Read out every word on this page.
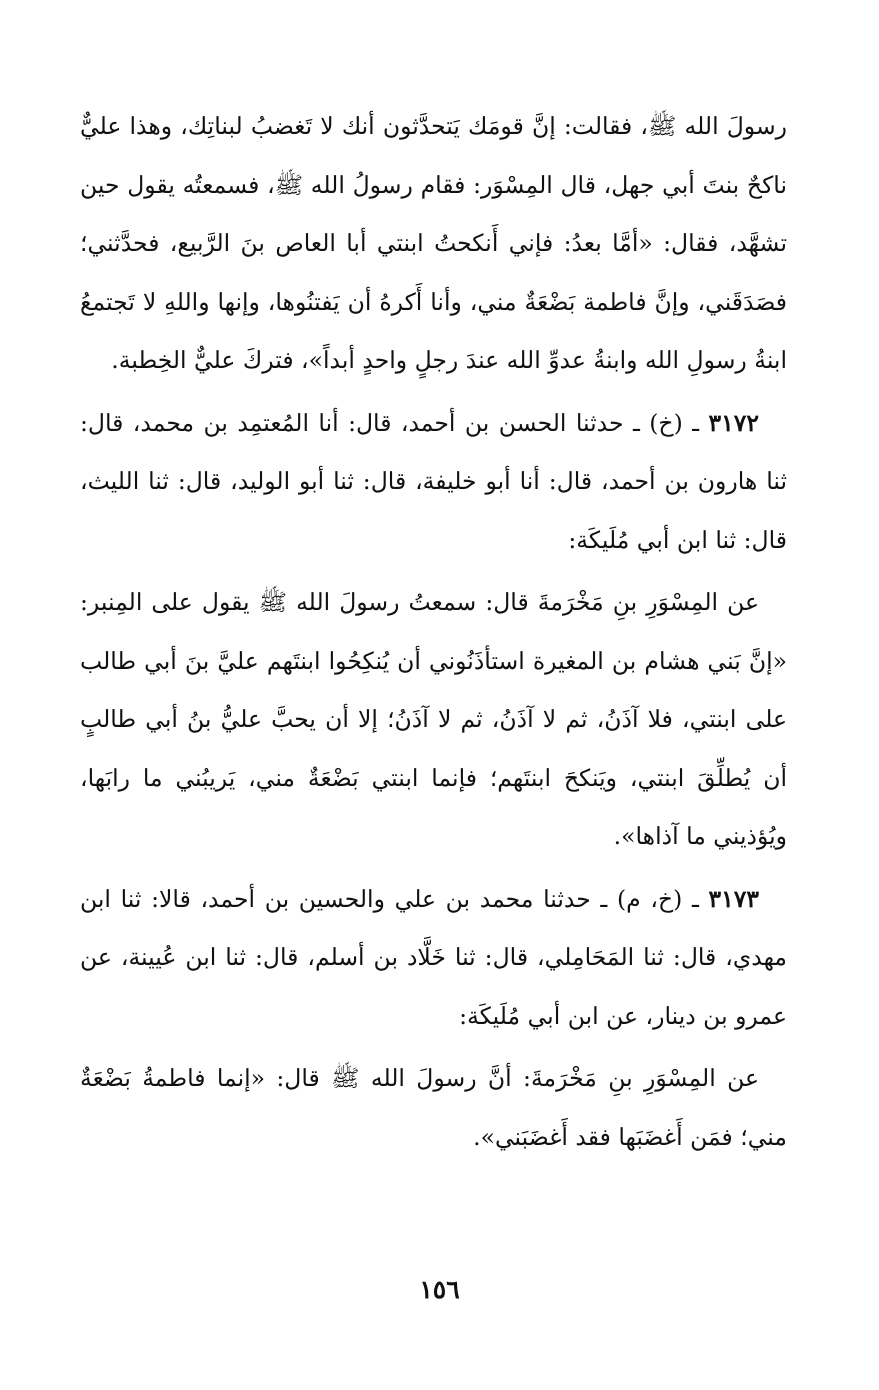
رسولَ الله ﷺ، فقالت: إنَّ قومَك يَتحدَّثون أنك لا تَغضبُ لبناتِك، وهذا عليٌّ ناكحٌ بنتَ أبي جهل، قال المِسْوَر: فقام رسولُ الله ﷺ، فسمعتُه يقول حين تشهَّد، فقال: «أمَّا بعدُ: فإني أَنكحتُ ابنتي أبا العاص بنَ الرَّبيع، فحدَّثني؛ فصَدَقَني، وإنَّ فاطمة بَضْعَةٌ مني، وأنا أَكرهُ أن يَفتنُوها، وإنها واللهِ لا تَجتمعُ ابنةُ رسولِ الله وابنةُ عدوِّ الله عندَ رجلٍ واحدٍ أبداً»، فتركَ عليٌّ الخِطبة.

٣١٧٢ ـ (خ) ـ حدثنا الحسن بن أحمد، قال: أنا المُعتمِد بن محمد، قال: ثنا هارون بن أحمد، قال: أنا أبو خليفة، قال: ثنا أبو الوليد، قال: ثنا الليث، قال: ثنا ابن أبي مُلَيكَة:

عن المِسْوَرِ بنِ مَخْرَمةَ قال: سمعتُ رسولَ الله ﷺ يقول على المِنبر: «إنَّ بَني هشام بن المغيرة استأذَنُوني أن يُنكِحُوا ابنتَهم عليَّ بنَ أبي طالب على ابنتي، فلا آذَنُ، ثم لا آذَنُ، ثم لا آذَنُ؛ إلا أن يحبَّ عليُّ بنُ أبي طالبٍ أن يُطلِّقَ ابنتي، ويَنكحَ ابنتَهم؛ فإنما ابنتي بَضْعَةٌ مني، يَريبُني ما رابَها، ويُؤذيني ما آذاها».

٣١٧٣ ـ (خ، م) ـ حدثنا محمد بن علي والحسين بن أحمد، قالا: ثنا ابن مهدي، قال: ثنا المَحَامِلي، قال: ثنا خَلَّاد بن أسلم، قال: ثنا ابن عُيينة، عن عمرو بن دينار، عن ابن أبي مُلَيكَة:

عن المِسْوَرِ بنِ مَخْرَمةَ: أنَّ رسولَ الله ﷺ قال: «إنما فاطمةُ بَضْعَةٌ مني؛ فمَن أَغضَبَها فقد أَغضَبَني».

١٥٦
